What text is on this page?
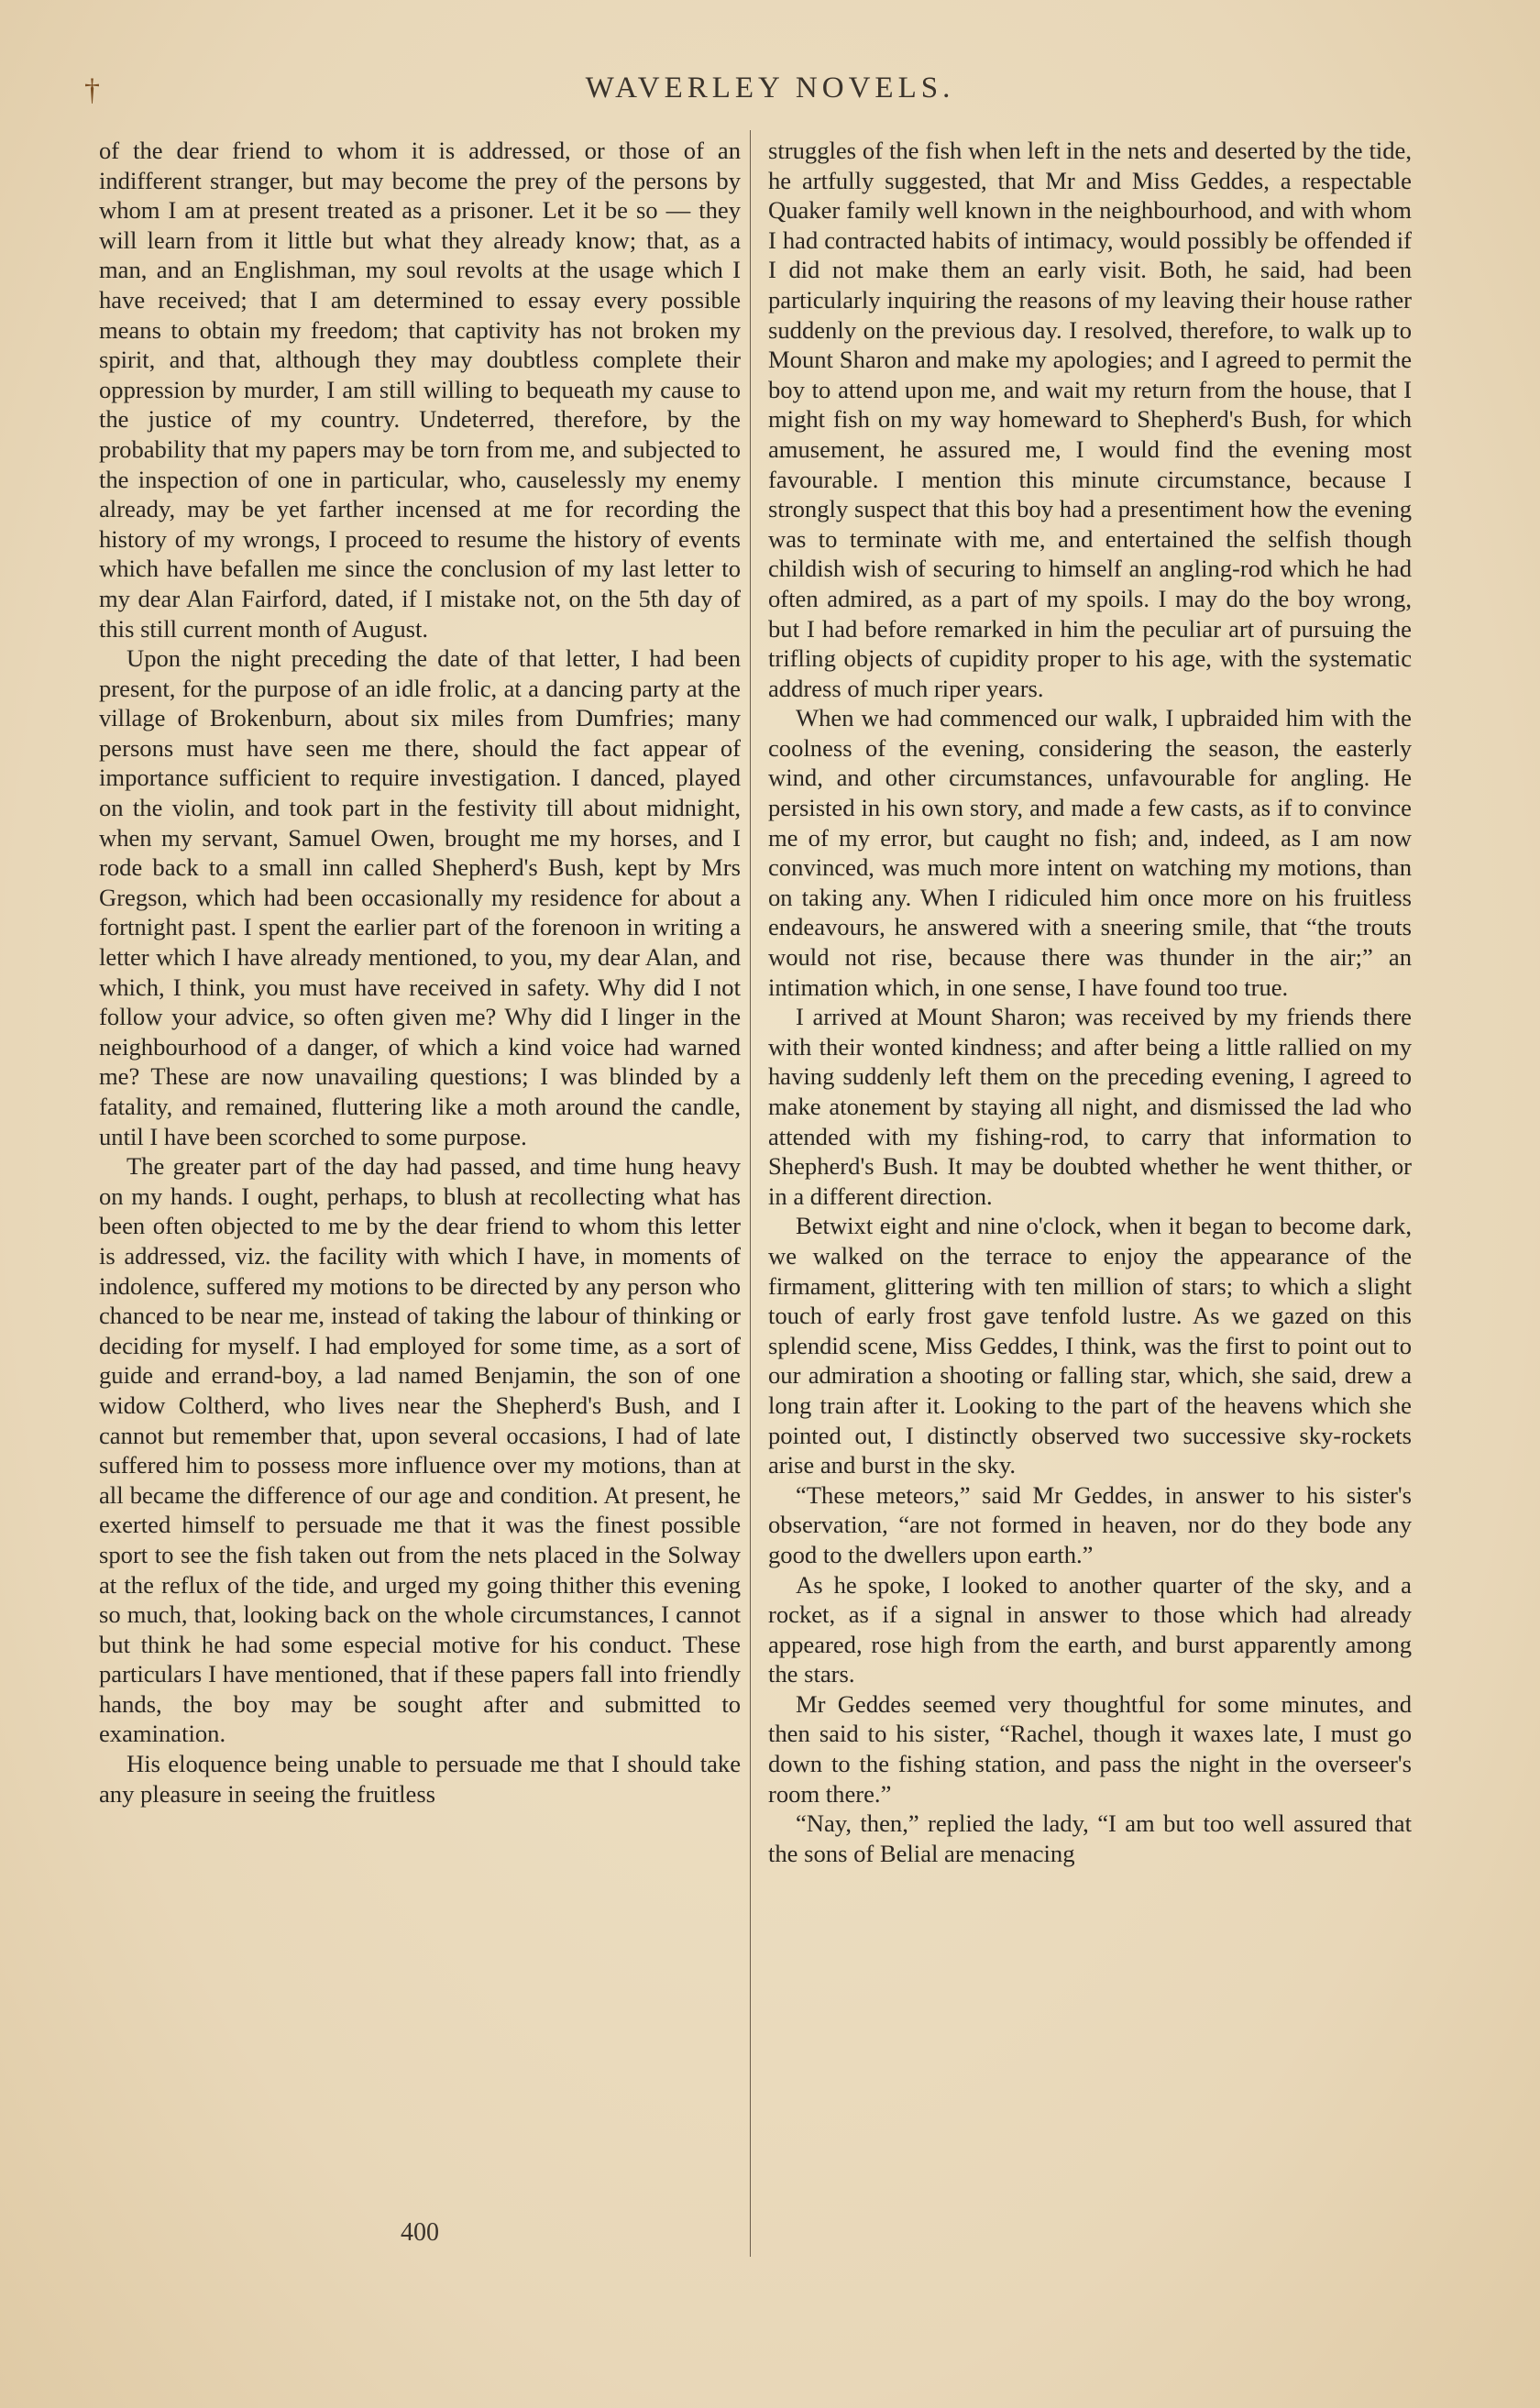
†	WAVERLEY NOVELS.

of the dear friend to whom it is addressed, or those of an indifferent stranger, but may become the prey of the persons by whom I am at present treated as a prisoner. Let it be so — they will learn from it little but what they already know; that, as a man, and an Englishman, my soul revolts at the usage which I have received; that I am determined to essay every possible means to obtain my freedom; that captivity has not broken my spirit, and that, although they may doubtless complete their oppression by murder, I am still willing to bequeath my cause to the justice of my country. Undeterred, therefore, by the probability that my papers may be torn from me, and subjected to the inspection of one in particular, who, causelessly my enemy already, may be yet farther incensed at me for recording the history of my wrongs, I proceed to resume the history of events which have befallen me since the conclusion of my last letter to my dear Alan Fairford, dated, if I mistake not, on the 5th day of this still current month of August.

Upon the night preceding the date of that letter, I had been present, for the purpose of an idle frolic, at a dancing party at the village of Brokenburn, about six miles from Dumfries; many persons must have seen me there, should the fact appear of importance sufficient to require investigation. I danced, played on the violin, and took part in the festivity till about midnight, when my servant, Samuel Owen, brought me my horses, and I rode back to a small inn called Shepherd's Bush, kept by Mrs Gregson, which had been occasionally my residence for about a fortnight past. I spent the earlier part of the forenoon in writing a letter which I have already mentioned, to you, my dear Alan, and which, I think, you must have received in safety. Why did I not follow your advice, so often given me? Why did I linger in the neighbourhood of a danger, of which a kind voice had warned me? These are now unavailing questions; I was blinded by a fatality, and remained, fluttering like a moth around the candle, until I have been scorched to some purpose.

The greater part of the day had passed, and time hung heavy on my hands. I ought, perhaps, to blush at recollecting what has been often objected to me by the dear friend to whom this letter is addressed, viz. the facility with which I have, in moments of indolence, suffered my motions to be directed by any person who chanced to be near me, instead of taking the labour of thinking or deciding for myself. I had employed for some time, as a sort of guide and errand-boy, a lad named Benjamin, the son of one widow Coltherd, who lives near the Shepherd's Bush, and I cannot but remember that, upon several occasions, I had of late suffered him to possess more influence over my motions, than at all became the difference of our age and condition. At present, he exerted himself to persuade me that it was the finest possible sport to see the fish taken out from the nets placed in the Solway at the reflux of the tide, and urged my going thither this evening so much, that, looking back on the whole circumstances, I cannot but think he had some especial motive for his conduct. These particulars I have mentioned, that if these papers fall into friendly hands, the boy may be sought after and submitted to examination.

His eloquence being unable to persuade me that I should take any pleasure in seeing the fruitless

struggles of the fish when left in the nets and deserted by the tide, he artfully suggested, that Mr and Miss Geddes, a respectable Quaker family well known in the neighbourhood, and with whom I had contracted habits of intimacy, would possibly be offended if I did not make them an early visit. Both, he said, had been particularly inquiring the reasons of my leaving their house rather suddenly on the previous day. I resolved, therefore, to walk up to Mount Sharon and make my apologies; and I agreed to permit the boy to attend upon me, and wait my return from the house, that I might fish on my way homeward to Shepherd's Bush, for which amusement, he assured me, I would find the evening most favourable. I mention this minute circumstance, because I strongly suspect that this boy had a presentiment how the evening was to terminate with me, and entertained the selfish though childish wish of securing to himself an angling-rod which he had often admired, as a part of my spoils. I may do the boy wrong, but I had before remarked in him the peculiar art of pursuing the trifling objects of cupidity proper to his age, with the systematic address of much riper years.

When we had commenced our walk, I upbraided him with the coolness of the evening, considering the season, the easterly wind, and other circumstances, unfavourable for angling. He persisted in his own story, and made a few casts, as if to convince me of my error, but caught no fish; and, indeed, as I am now convinced, was much more intent on watching my motions, than on taking any. When I ridiculed him once more on his fruitless endeavours, he answered with a sneering smile, that “the trouts would not rise, because there was thunder in the air;” an intimation which, in one sense, I have found too true.

I arrived at Mount Sharon; was received by my friends there with their wonted kindness; and after being a little rallied on my having suddenly left them on the preceding evening, I agreed to make atonement by staying all night, and dismissed the lad who attended with my fishing-rod, to carry that information to Shepherd's Bush. It may be doubted whether he went thither, or in a different direction.

Betwixt eight and nine o'clock, when it began to become dark, we walked on the terrace to enjoy the appearance of the firmament, glittering with ten million of stars; to which a slight touch of early frost gave tenfold lustre. As we gazed on this splendid scene, Miss Geddes, I think, was the first to point out to our admiration a shooting or falling star, which, she said, drew a long train after it. Looking to the part of the heavens which she pointed out, I distinctly observed two successive sky-rockets arise and burst in the sky.

“These meteors,” said Mr Geddes, in answer to his sister's observation, “are not formed in heaven, nor do they bode any good to the dwellers upon earth.”

As he spoke, I looked to another quarter of the sky, and a rocket, as if a signal in answer to those which had already appeared, rose high from the earth, and burst apparently among the stars.

Mr Geddes seemed very thoughtful for some minutes, and then said to his sister, “Rachel, though it waxes late, I must go down to the fishing station, and pass the night in the overseer's room there.”

“Nay, then,” replied the lady, “I am but too well assured that the sons of Belial are menacing

400
